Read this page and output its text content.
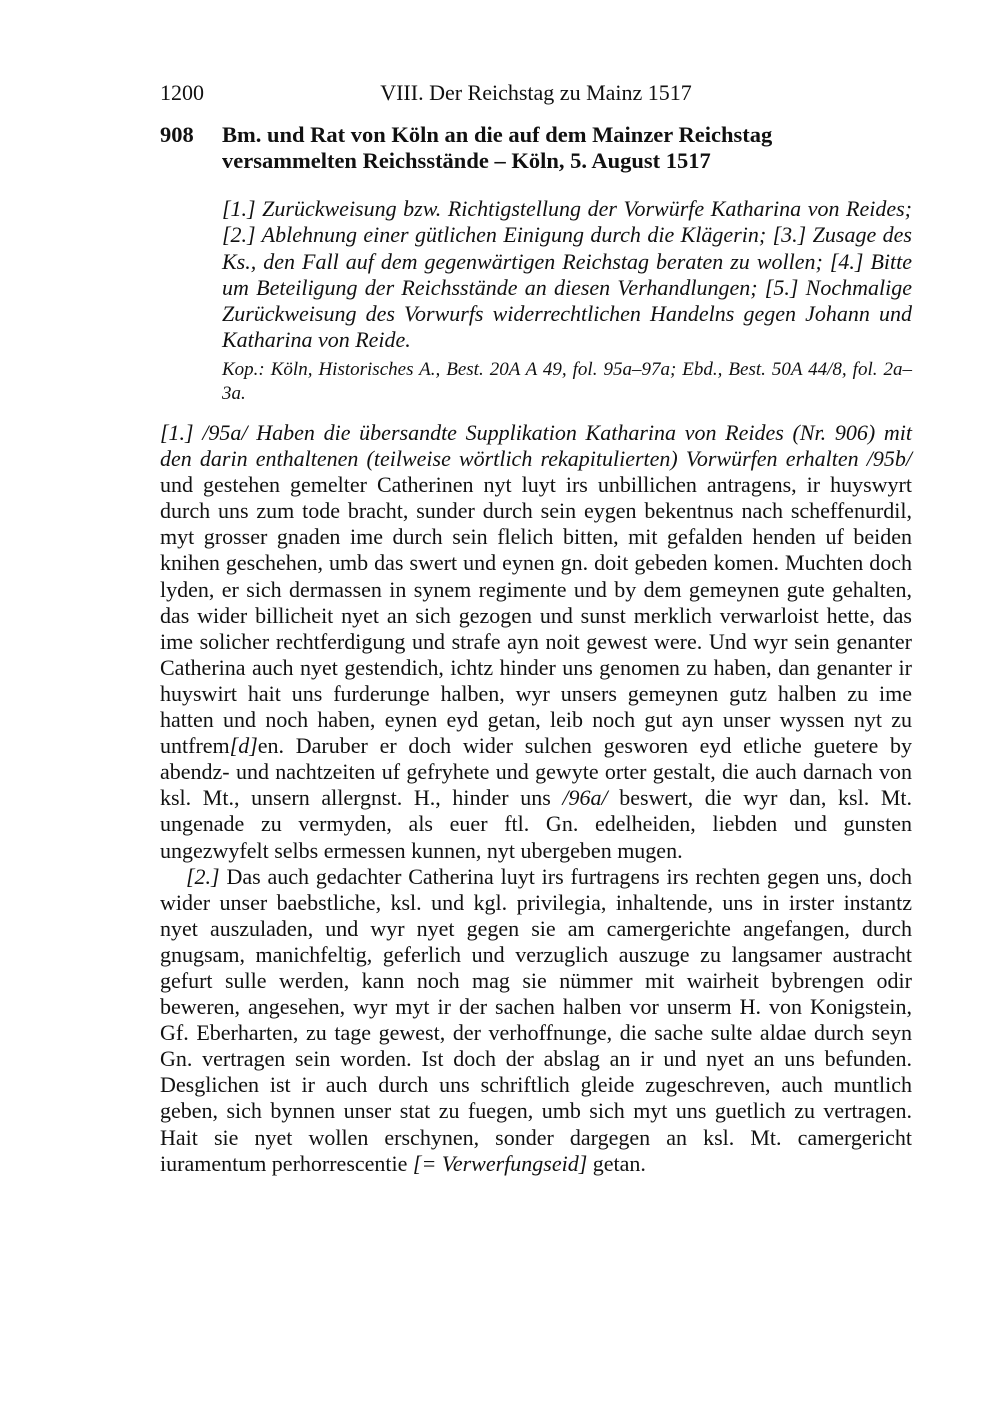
1200	VIII. Der Reichstag zu Mainz 1517
908 Bm. und Rat von Köln an die auf dem Mainzer Reichstag versammelten Reichsstände – Köln, 5. August 1517
[1.] Zurückweisung bzw. Richtigstellung der Vorwürfe Katharina von Reides; [2.] Ablehnung einer gütlichen Einigung durch die Klägerin; [3.] Zusage des Ks., den Fall auf dem gegenwärtigen Reichstag beraten zu wollen; [4.] Bitte um Beteiligung der Reichsstände an diesen Verhandlungen; [5.] Nochmalige Zurückweisung des Vorwurfs widerrechtlichen Handelns gegen Johann und Katharina von Reide.
Kop.: Köln, Historisches A., Best. 20A A 49, fol. 95a–97a; Ebd., Best. 50A 44/8, fol. 2a–3a.

[1.] /95a/ Haben die übersandte Supplikation Katharina von Reides (Nr. 906) mit den darin enthaltenen (teilweise wörtlich rekapitulierten) Vorwürfen erhalten /95b/ und gestehen gemelter Catherinen nyt luyt irs unbillichen antragens, ir huyswyrt durch uns zum tode bracht, sunder durch sein eygen bekentnus nach scheffenurdil, myt grosser gnaden ime durch sein flelich bitten, mit gefalden henden uf beiden knihen geschehen, umb das swert und eynen gn. doit gebeden komen. Muchten doch lyden, er sich dermassen in synem regimente und by dem gemeynen gute gehalten, das wider billicheit nyet an sich gezogen und sunst merklich verwarloist hette, das ime solicher rechtferdigung und strafe ayn noit gewest were. Und wyr sein genanter Catherina auch nyet gestendich, ichtz hinder uns genomen zu haben, dan genanter ir huyswirt hait uns furderunge halben, wyr unsers gemeynen gutz halben zu ime hatten und noch haben, eynen eyd getan, leib noch gut ayn unser wyssen nyt zu untfrem[d]en. Daruber er doch wider sulchen gesworen eyd etliche guetere by abendz- und nachtzeiten uf gefryhete und gewyte orter gestalt, die auch darnach von ksl. Mt., unsern allergnst. H., hinder uns /96a/ beswert, die wyr dan, ksl. Mt. ungenade zu vermyden, als euer ftl. Gn. edelheiden, liebden und gunsten ungezwyfelt selbs ermessen kunnen, nyt ubergeben mugen.

[2.] Das auch gedachter Catherina luyt irs furtragens irs rechten gegen uns, doch wider unser baebstliche, ksl. und kgl. privilegia, inhaltende, uns in irster instantz nyet auszuladen, und wyr nyet gegen sie am camergerichte angefangen, durch gnugsam, manichfeltig, geferlich und verzuglich auszuge zu langsamer austracht gefurt sulle werden, kann noch mag sie nümmer mit wairheit bybrengen odir beweren, angesehen, wyr myt ir der sachen halben vor unserm H. von Konigstein, Gf. Eberharten, zu tage gewest, der verhoffnunge, die sache sulte aldae durch seyn Gn. vertragen sein worden. Ist doch der abslag an ir und nyet an uns befunden. Desglichen ist ir auch durch uns schriftlich gleide zugeschreven, auch muntlich geben, sich bynnen unser stat zu fuegen, umb sich myt uns guetlich zu vertragen. Hait sie nyet wollen erschynen, sonder dargegen an ksl. Mt. camergericht iuramentum perhorrescentie [= Verwerfungseid] getan.
